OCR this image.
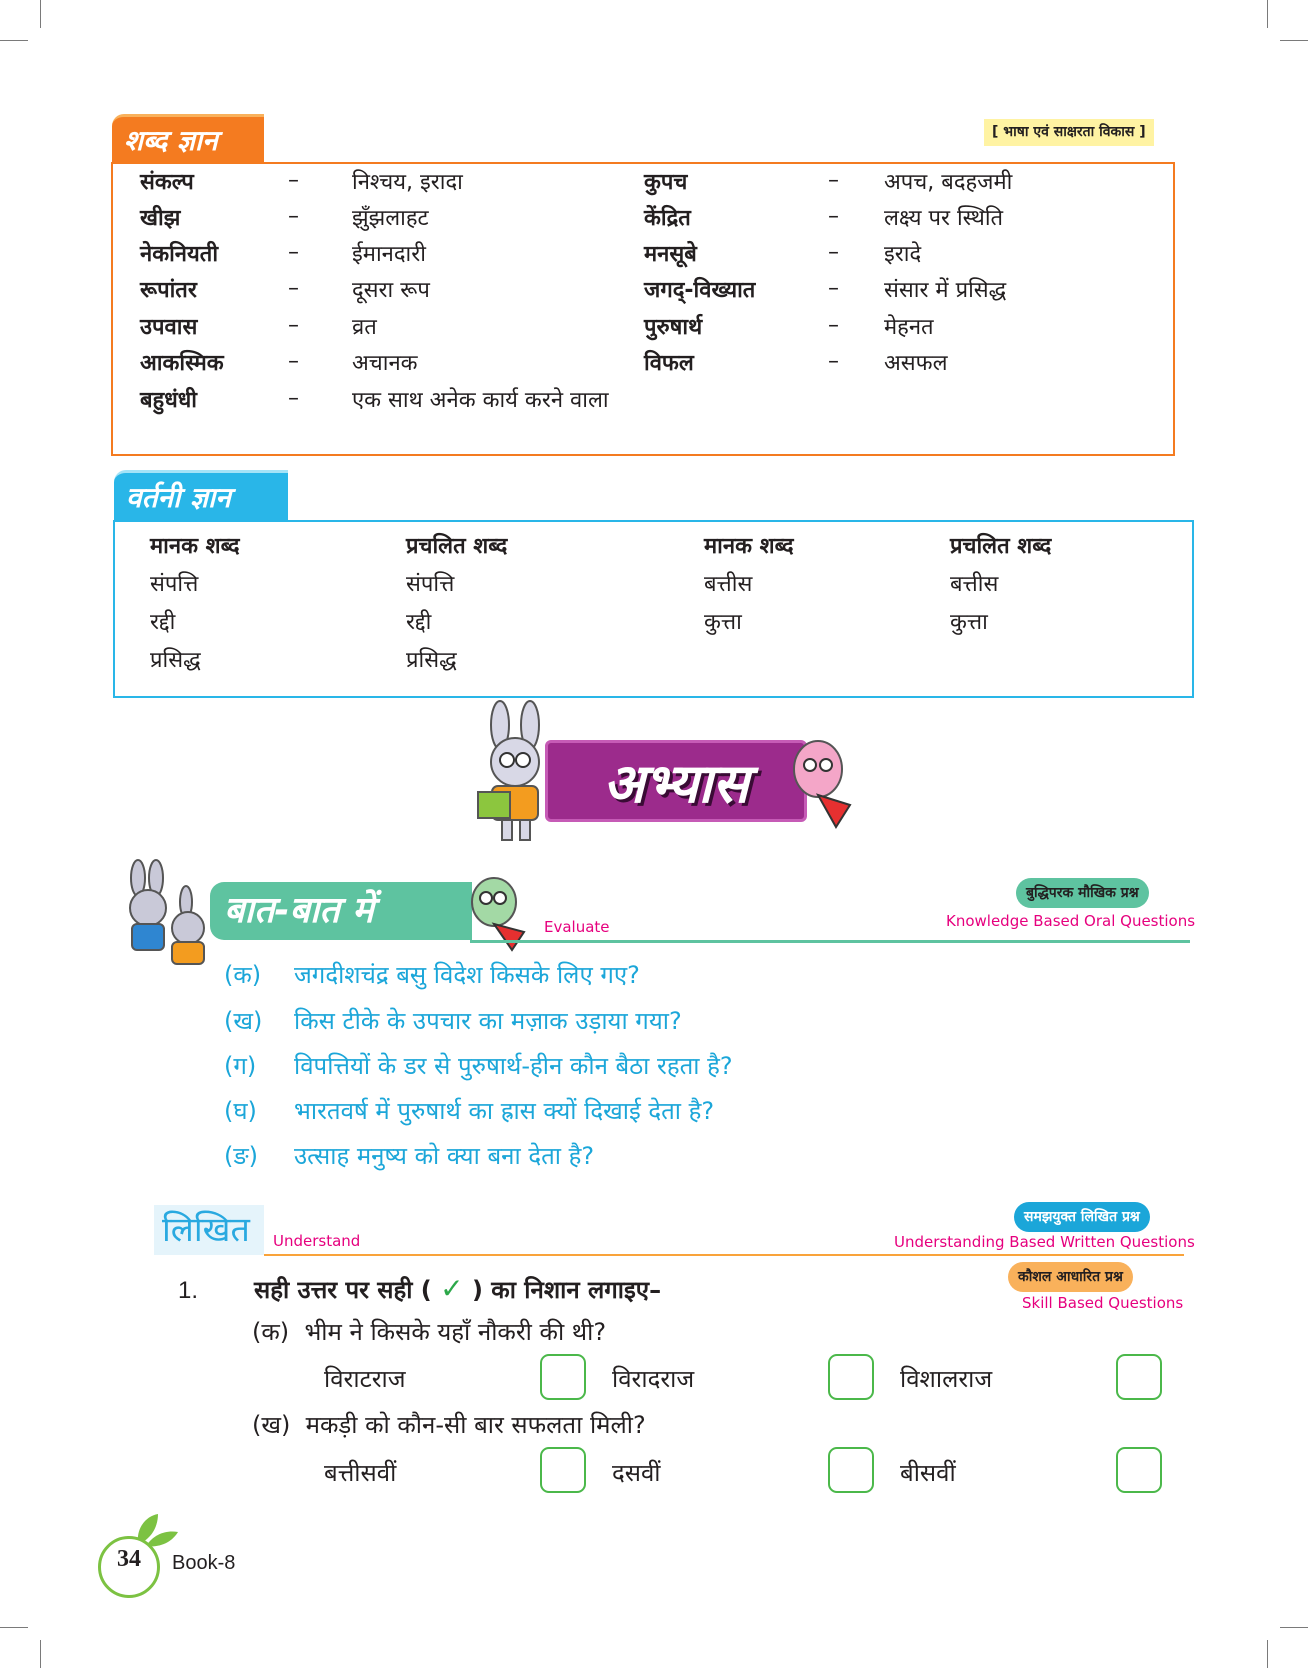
शब्द ज्ञान	[ भाषा एवं साक्षरता विकास ]
संकल्प	– निश्चय, इरादा
खीझ	– झुँझलाहट
नेकनियती	– ईमानदारी
रूपांतर	– दूसरा रूप
उपवास	– व्रत
आकस्मिक	– अचानक
बहुधंधी	– एक साथ अनेक कार्य करने वाला
कुपच	– अपच, बदहजमी
केंद्रित	– लक्ष्य पर स्थिति
मनसूबे	– इरादे
जगद्-विख्यात	– संसार में प्रसिद्ध
पुरुषार्थ	– मेहनत
विफल	– असफल
वर्तनी ज्ञान
मानक शब्द	प्रचलित शब्द	मानक शब्द	प्रचलित शब्द
संपत्ति	संपत्ति	बत्तीस	बत्तीस
रद्दी	रद्दी	कुत्ता	कुत्ता
प्रसिद्ध	प्रसिद्ध
अभ्यास
बात-बात में	Evaluate
बुद्धिपरक मौखिक प्रश्न
Knowledge Based Oral Questions
(क) जगदीशचंद्र बसु विदेश किसके लिए गए?
(ख) किस टीके के उपचार का मज़ाक उड़ाया गया?
(ग) विपत्तियों के डर से पुरुषार्थ-हीन कौन बैठा रहता है?
(घ) भारतवर्ष में पुरुषार्थ का ह्रास क्यों दिखाई देता है?
(ङ) उत्साह मनुष्य को क्या बना देता है?
लिखित	Understand
समझयुक्त लिखित प्रश्न
Understanding Based Written Questions
कौशल आधारित प्रश्न
Skill Based Questions
1. सही उत्तर पर सही ( ✓ ) का निशान लगाइए–
(क) भीम ने किसके यहाँ नौकरी की थी?
विराटराज	विरादराज	विशालराज
(ख) मकड़ी को कौन-सी बार सफलता मिली?
बत्तीसवीं	दसवीं	बीसवीं
34	Book-8
